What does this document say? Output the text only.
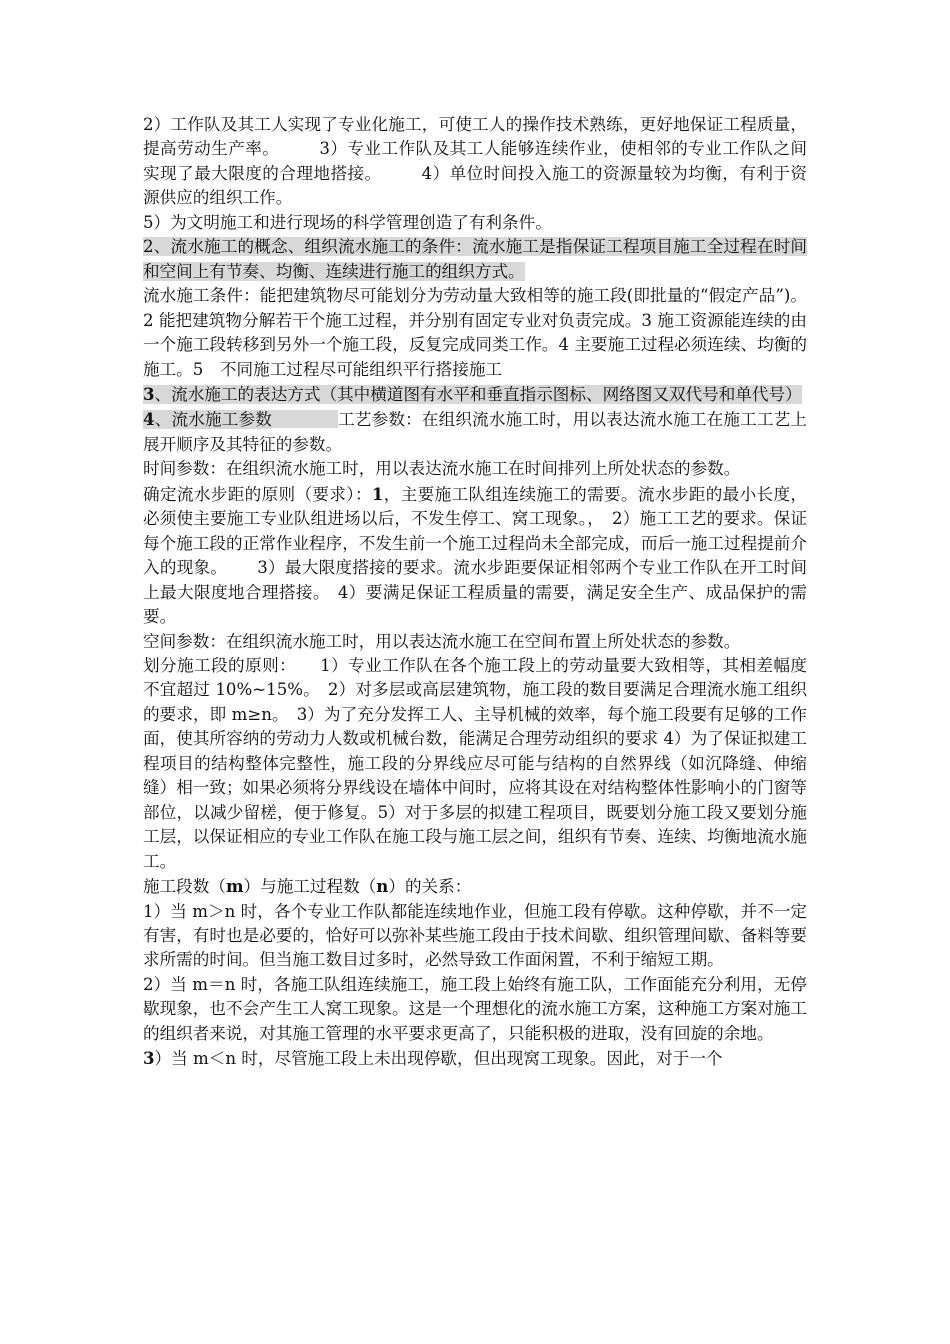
2）工作队及其工人实现了专业化施工，可使工人的操作技术熟练，更好地保证工程质量，提高劳动生产率。 3）专业工作队及其工人能够连续作业，使相邻的专业工作队之间实现了最大限度的合理地搭接。 4）单位时间投入施工的资源量较为均衡，有利于资源供应的组织工作。

5）为文明施工和进行现场的科学管理创造了有利条件。

2、流水施工的概念、组织流水施工的条件：流水施工是指保证工程项目施工全过程在时间和空间上有节奏、均衡、连续进行施工的组织方式。

流水施工条件：能把建筑物尽可能划分为劳动量大致相等的施工段(即批量的“假定产品”)。2 能把建筑物分解若干个施工过程，并分别有固定专业对负责完成。3 施工资源能连续的由一个施工段转移到另外一个施工段，反复完成同类工作。4 主要施工过程必须连续、均衡的施工。5　不同施工过程尽可能组织平行搭接施工

3、流水施工的表达方式（其中横道图有水平和垂直指示图标、网络图又双代号和单代号）

4、流水施工参数	工艺参数：在组织流水施工时，用以表达流水施工在施工工艺上展开顺序及其特征的参数。

时间参数：在组织流水施工时，用以表达流水施工在时间排列上所处状态的参数。

确定流水步距的原则（要求）：1，主要施工队组连续施工的需要。流水步距的最小长度，必须使主要施工专业队组进场以后，不发生停工、窝工现象。， 2）施工工艺的要求。保证每个施工段的正常作业程序，不发生前一个施工过程尚未全部完成，而后一施工过程提前介入的现象。 3）最大限度搭接的要求。流水步距要保证相邻两个专业工作队在开工时间上最大限度地合理搭接。 4）要满足保证工程质量的需要，满足安全生产、成品保护的需要。

空间参数：在组织流水施工时，用以表达流水施工在空间布置上所处状态的参数。

划分施工段的原则： 1）专业工作队在各个施工段上的劳动量要大致相等，其相差幅度不宜超过 10%~15%。 2）对多层或高层建筑物，施工段的数目要满足合理流水施工组织的要求，即 m≥n。 3）为了充分发挥工人、主导机械的效率，每个施工段要有足够的工作面，使其所容纳的劳动力人数或机械台数，能满足合理劳动组织的要求 4）为了保证拟建工程项目的结构整体完整性，施工段的分界线应尽可能与结构的自然界线（如沉降缝、伸缩缝）相一致；如果必须将分界线设在墙体中间时，应将其设在对结构整体性影响小的门窗等部位，以减少留槎，便于修复。5）对于多层的拟建工程项目，既要划分施工段又要划分施工层，以保证相应的专业工作队在施工段与施工层之间，组织有节奏、连续、均衡地流水施工。

施工段数（m）与施工过程数（n）的关系：

1）当 m＞n 时，各个专业工作队都能连续地作业，但施工段有停歇。这种停歇，并不一定有害，有时也是必要的，恰好可以弥补某些施工段由于技术间歇、组织管理间歇、备料等要求所需的时间。但当施工数目过多时，必然导致工作面闲置，不利于缩短工期。

2）当 m＝n 时，各施工队组连续施工，施工段上始终有施工队，工作面能充分利用，无停歇现象，也不会产生工人窝工现象。这是一个理想化的流水施工方案，这种施工方案对施工的组织者来说，对其施工管理的水平要求更高了，只能积极的进取，没有回旋的余地。

3）当 m＜n 时，尽管施工段上未出现停歇，但出现窝工现象。因此，对于一个
